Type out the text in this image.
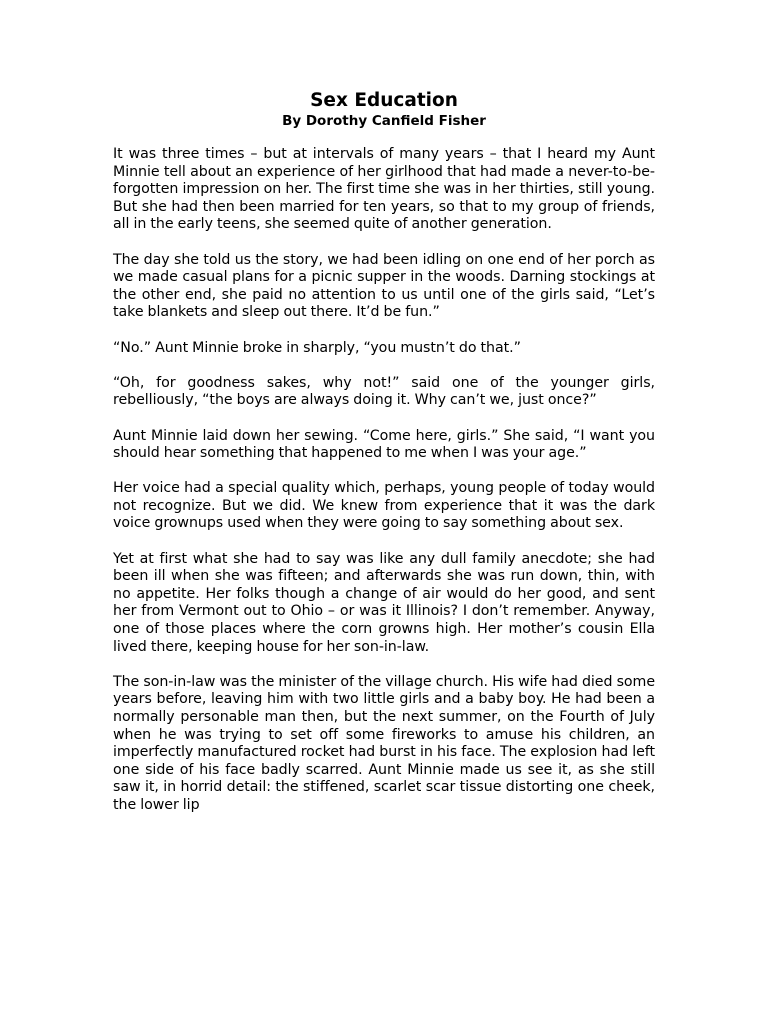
Sex Education
By Dorothy Canfield Fisher

It was three times – but at intervals of many years – that I heard my Aunt Minnie tell about an experience of her girlhood that had made a never-to-be-forgotten impression on her. The first time she was in her thirties, still young. But she had then been married for ten years, so that to my group of friends, all in the early teens, she seemed quite of another generation.

The day she told us the story, we had been idling on one end of her porch as we made casual plans for a picnic supper in the woods. Darning stockings at the other end, she paid no attention to us until one of the girls said, “Let’s take blankets and sleep out there. It’d be fun.”

“No.” Aunt Minnie broke in sharply, “you mustn’t do that.”

“Oh, for goodness sakes, why not!” said one of the younger girls, rebelliously, “the boys are always doing it. Why can’t we, just once?”

Aunt Minnie laid down her sewing. “Come here, girls.” She said, “I want you should hear something that happened to me when I was your age.”

Her voice had a special quality which, perhaps, young people of today would not recognize. But we did. We knew from experience that it was the dark voice grownups used when they were going to say something about sex.

Yet at first what she had to say was like any dull family anecdote; she had been ill when she was fifteen; and afterwards she was run down, thin, with no appetite. Her folks though a change of air would do her good, and sent her from Vermont out to Ohio – or was it Illinois? I don’t remember. Anyway, one of those places where the corn growns high. Her mother’s cousin Ella lived there, keeping house for her son-in-law.

The son-in-law was the minister of the village church. His wife had died some years before, leaving him with two little girls and a baby boy. He had been a normally personable man then, but the next summer, on the Fourth of July when he was trying to set off some fireworks to amuse his children, an imperfectly manufactured rocket had burst in his face. The explosion had left one side of his face badly scarred. Aunt Minnie made us see it, as she still saw it, in horrid detail: the stiffened, scarlet scar tissue distorting one cheek, the lower lip
